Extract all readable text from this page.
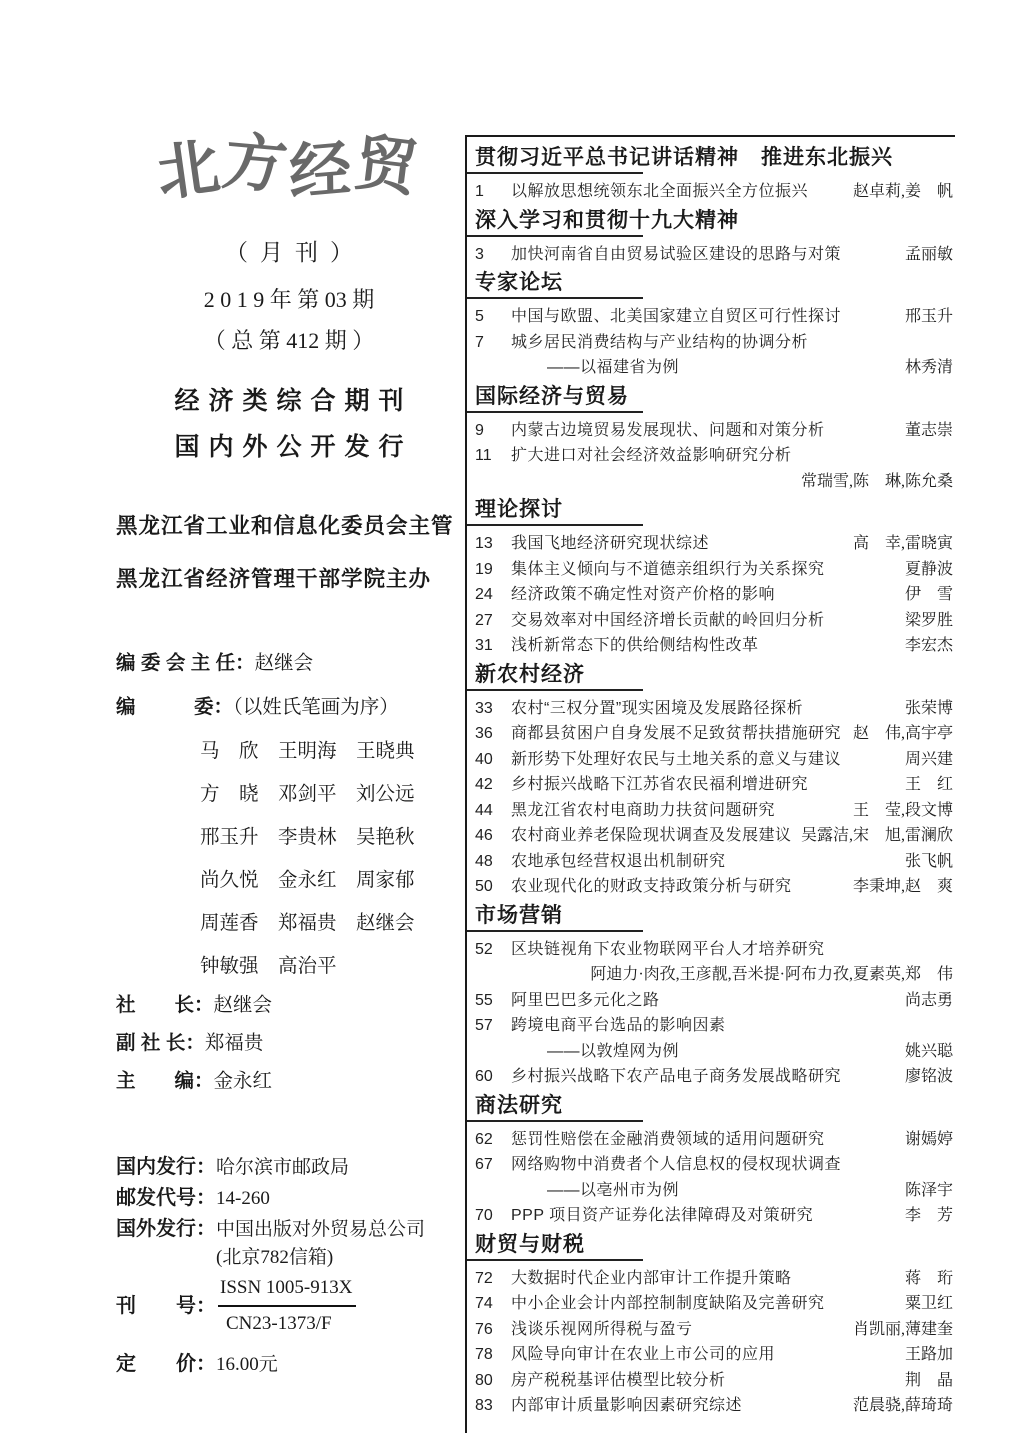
北方经贸
（月刊）
2 0 1 9 年 第 03 期
（ 总 第 412 期 ）
经济类综合期刊
国内外公开发行
黑龙江省工业和信息化委员会主管
黑龙江省经济管理干部学院主办
编 委 会 主 任：赵继会
编　　　委：（以姓氏笔画为序）
马　欣 王明海 王晓典
方　晓 邓剑平 刘公远
邢玉升 李贵林 吴艳秋
尚久悦 金永红 周家郁
周莲香 郑福贵 赵继会
钟敏强 高治平
社　　长：赵继会
副 社 长：郑福贵
主　　编：金永红
国内发行：哈尔滨市邮政局
邮发代号：14-260
国外发行：中国出版对外贸易总公司
(北京782信箱)
刊　　号： $\frac{\text{ISSN 1005-913X}}{CN23-1373/F}$
定　　价：16.00元
贯彻习近平总书记讲话精神　推进东北振兴
1	以解放思想统领东北全面振兴全方位振兴	赵卓莉,姜　帆
深入学习和贯彻十九大精神
3	加快河南省自由贸易试验区建设的思路与对策	孟丽敏
专家论坛
5	中国与欧盟、北美国家建立自贸区可行性探讨	邢玉升
7	城乡居民消费结构与产业结构的协调分析
——以福建省为例	林秀清
国际经济与贸易
9	内蒙古边境贸易发展现状、问题和对策分析	董志崇
11	扩大进口对社会经济效益影响研究分析
常瑞雪,陈　琳,陈允桑
理论探讨
13	我国飞地经济研究现状综述	高　幸,雷晓寅
19	集体主义倾向与不道德亲组织行为关系探究	夏静波
24	经济政策不确定性对资产价格的影响	伊　雪
27	交易效率对中国经济增长贡献的岭回归分析	梁罗胜
31	浅析新常态下的供给侧结构性改革	李宏杰
新农村经济
33	农村“三权分置”现实困境及发展路径探析	张荣博
36	商都县贫困户自身发展不足致贫帮扶措施研究 赵　伟,高宇亭
40	新形势下处理好农民与土地关系的意义与建议	周兴建
42	乡村振兴战略下江苏省农民福利增进研究	王　红
44	黑龙江省农村电商助力扶贫问题研究	王　莹,段文博
46	农村商业养老保险现状调查及发展建议 吴露洁,宋　旭,雷澜欣
48	农地承包经营权退出机制研究	张飞帆
50	农业现代化的财政支持政策分析与研究	李秉坤,赵　爽
市场营销
52	区块链视角下农业物联网平台人才培养研究
阿迪力·肉孜,王彦靓,吾米提·阿布力孜,夏素英,郑　伟
55	阿里巴巴多元化之路	尚志勇
57	跨境电商平台选品的影响因素
——以敦煌网为例	姚兴聪
60	乡村振兴战略下农产品电子商务发展战略研究	廖铭波
商法研究
62	惩罚性赔偿在金融消费领域的适用问题研究	谢嫣婷
67	网络购物中消费者个人信息权的侵权现状调查
——以亳州市为例	陈泽宇
70	PPP 项目资产证券化法律障碍及对策研究	李　芳
财贸与财税
72	大数据时代企业内部审计工作提升策略	蒋　珩
74	中小企业会计内部控制制度缺陷及完善研究	粟卫红
76	浅谈乐视网所得税与盈亏	肖凯丽,薄建奎
78	风险导向审计在农业上市公司的应用	王路加
80	房产税税基评估模型比较分析	荆　晶
83	内部审计质量影响因素研究综述	范晨骁,薛琦琦
